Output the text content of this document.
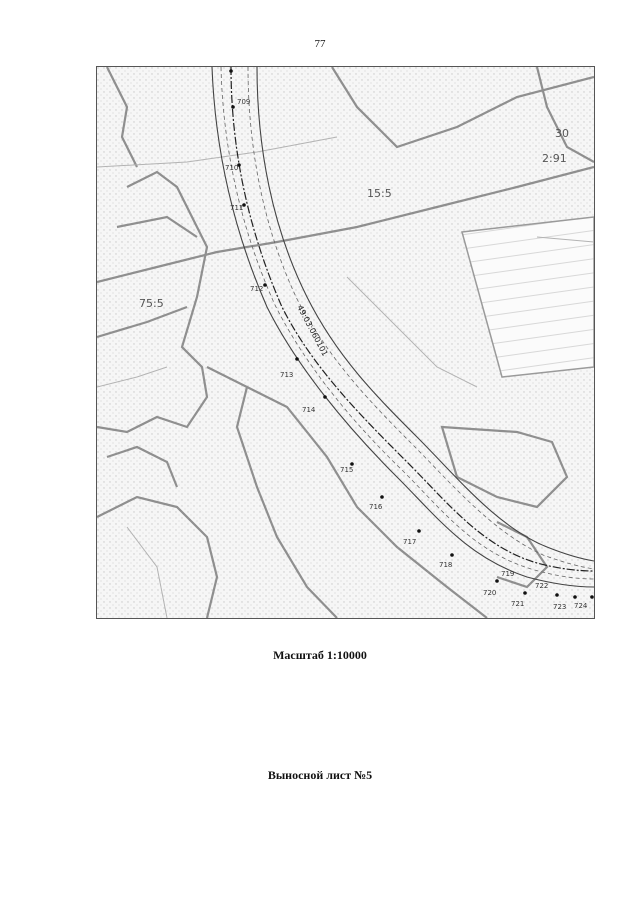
77
709
710
711
712
713
714
715
716
717
718
719
720
721
722
723 724
49:03:060101
15:5
2:91
30
75:5
Масштаб 1:10000
Выносной лист №5
